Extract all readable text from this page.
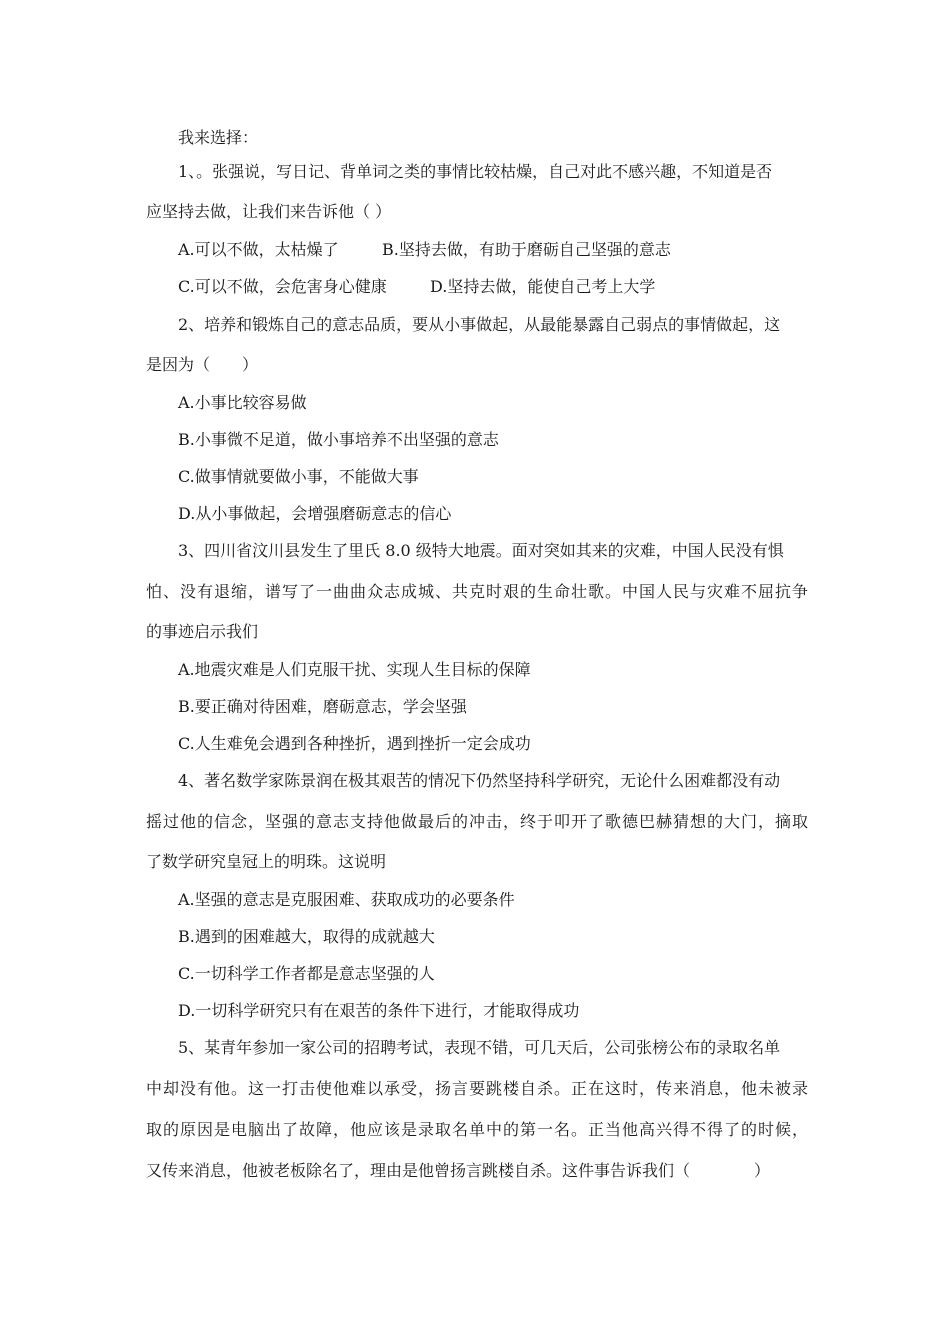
我来选择：
1、。张强说，写日记、背单词之类的事情比较枯燥，自己对此不感兴趣，不知道是否
应坚持去做，让我们来告诉他（ ）
A.可以不做，太枯燥了	B.坚持去做，有助于磨砺自己坚强的意志
C.可以不做，会危害身心健康	D.坚持去做，能使自己考上大学
2、培养和锻炼自己的意志品质，要从小事做起，从最能暴露自己弱点的事情做起，这
是因为（　　）
A.小事比较容易做
B.小事微不足道，做小事培养不出坚强的意志
C.做事情就要做小事，不能做大事
D.从小事做起，会增强磨砺意志的信心
3、四川省汶川县发生了里氏 8.0 级特大地震。面对突如其来的灾难，中国人民没有惧
怕、没有退缩，谱写了一曲曲众志成城、共克时艰的生命壮歌。中国人民与灾难不屈抗争
的事迹启示我们
A.地震灾难是人们克服干扰、实现人生目标的保障
B.要正确对待困难，磨砺意志，学会坚强
C.人生难免会遇到各种挫折，遇到挫折一定会成功
4、著名数学家陈景润在极其艰苦的情况下仍然坚持科学研究，无论什么困难都没有动
摇过他的信念，坚强的意志支持他做最后的冲击，终于叩开了歌德巴赫猜想的大门，摘取
了数学研究皇冠上的明珠。这说明
A.坚强的意志是克服困难、获取成功的必要条件
B.遇到的困难越大，取得的成就越大
C.一切科学工作者都是意志坚强的人
D.一切科学研究只有在艰苦的条件下进行，才能取得成功
5、某青年参加一家公司的招聘考试，表现不错，可几天后，公司张榜公布的录取名单
中却没有他。这一打击使他难以承受，扬言要跳楼自杀。正在这时，传来消息，他未被录
取的原因是电脑出了故障，他应该是录取名单中的第一名。正当他高兴得不得了的时候，
又传来消息，他被老板除名了，理由是他曾扬言跳楼自杀。这件事告诉我们（　　　　）
